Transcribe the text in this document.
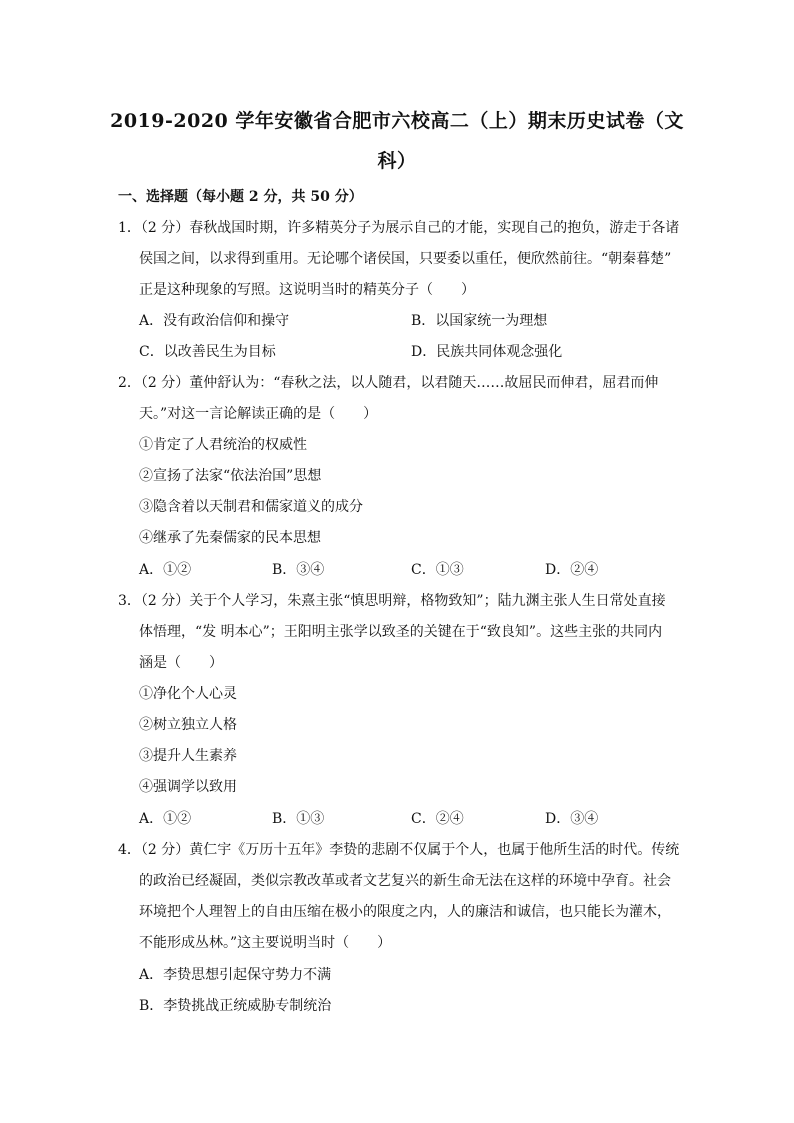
2019-2020 学年安徽省合肥市六校高二（上）期末历史试卷（文
科）
一、选择题（每小题 2 分，共 50 分）
1．（2 分）春秋战国时期，许多精英分子为展示自己的才能，实现自己的抱负，游走于各诸
侯国之间，以求得到重用。无论哪个诸侯国，只要委以重任，便欣然前往。“朝秦暮楚”
正是这种现象的写照。这说明当时的精英分子（　　）
A．没有政治信仰和操守	B．以国家统一为理想
C．以改善民生为目标	D．民族共同体观念强化
2．（2 分）董仲舒认为：“春秋之法，以人随君，以君随天……故屈民而伸君，屈君而伸
天。”对这一言论解读正确的是（　　）
①肯定了人君统治的权威性
②宣扬了法家“依法治国”思想
③隐含着以天制君和儒家道义的成分
④继承了先秦儒家的民本思想
A．①②	B．③④	C．①③	D．②④
3．（2 分）关于个人学习，朱熹主张“慎思明辩，格物致知”；陆九渊主张人生日常处直接
体悟理，“发 明本心”；王阳明主张学以致圣的关键在于“致良知”。这些主张的共同内
涵是（　　）
①净化个人心灵
②树立独立人格
③提升人生素养
④强调学以致用
A．①②	B．①③	C．②④	D．③④
4．（2 分）黄仁宇《万历十五年》李贽的悲剧不仅属于个人，也属于他所生活的时代。传统
的政治已经凝固，类似宗教改革或者文艺复兴的新生命无法在这样的环境中孕育。社会
环境把个人理智上的自由压缩在极小的限度之内，人的廉洁和诚信，也只能长为灌木，
不能形成丛林。”这主要说明当时（　　）
A．李贽思想引起保守势力不满
B．李贽挑战正统威胁专制统治
